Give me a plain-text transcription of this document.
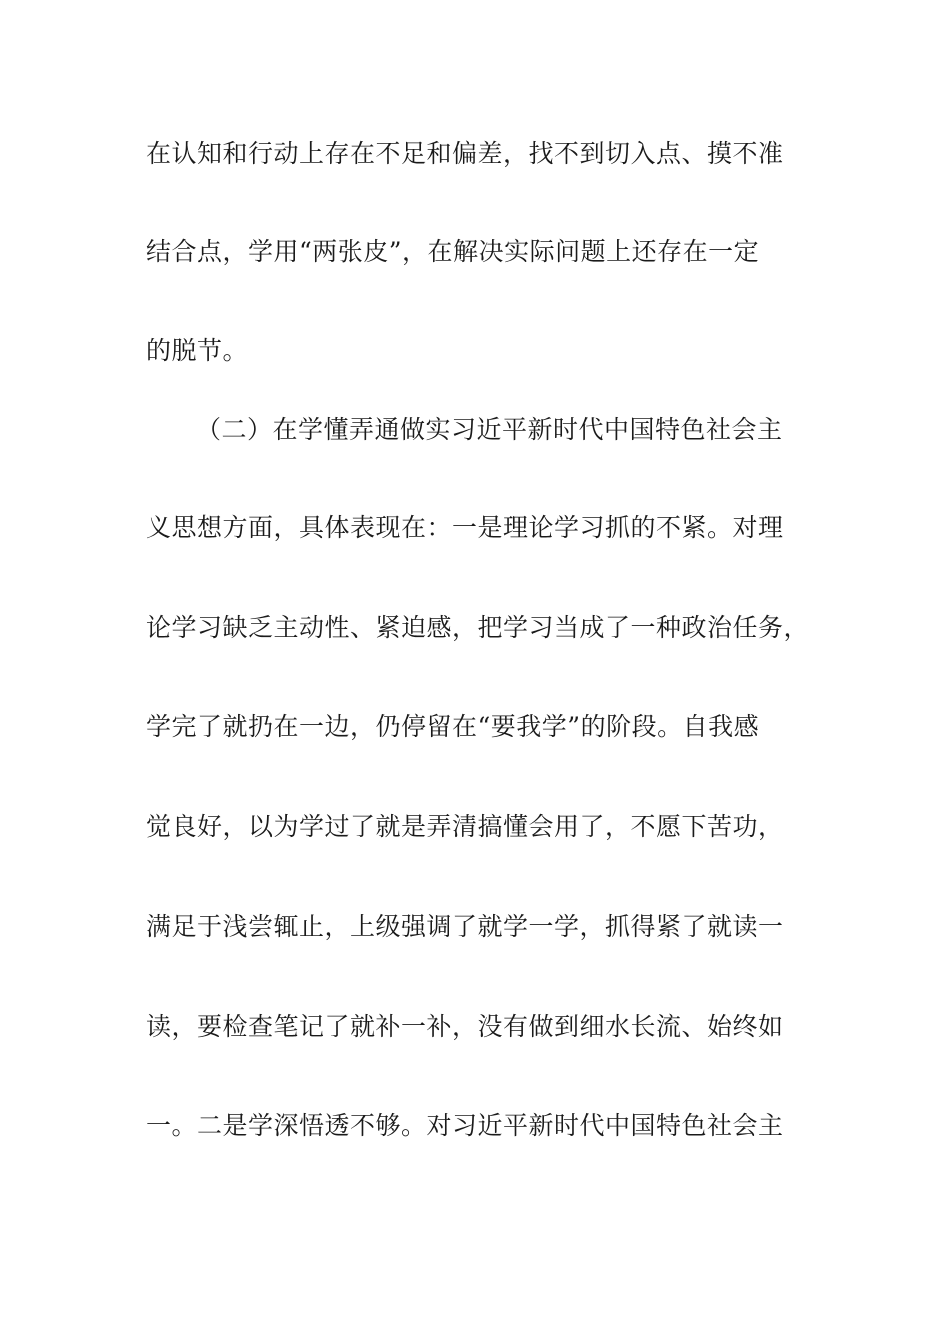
在认知和行动上存在不足和偏差，找不到切入点、摸不准
结合点，学用“两张皮”，在解决实际问题上还存在一定
的脱节。
（二）在学懂弄通做实习近平新时代中国特色社会主
义思想方面，具体表现在：一是理论学习抓的不紧。对理
论学习缺乏主动性、紧迫感，把学习当成了一种政治任务，
学完了就扔在一边，仍停留在“要我学”的阶段。自我感
觉良好，以为学过了就是弄清搞懂会用了，不愿下苦功，
满足于浅尝辄止，上级强调了就学一学，抓得紧了就读一
读，要检查笔记了就补一补，没有做到细水长流、始终如
一。二是学深悟透不够。对习近平新时代中国特色社会主
